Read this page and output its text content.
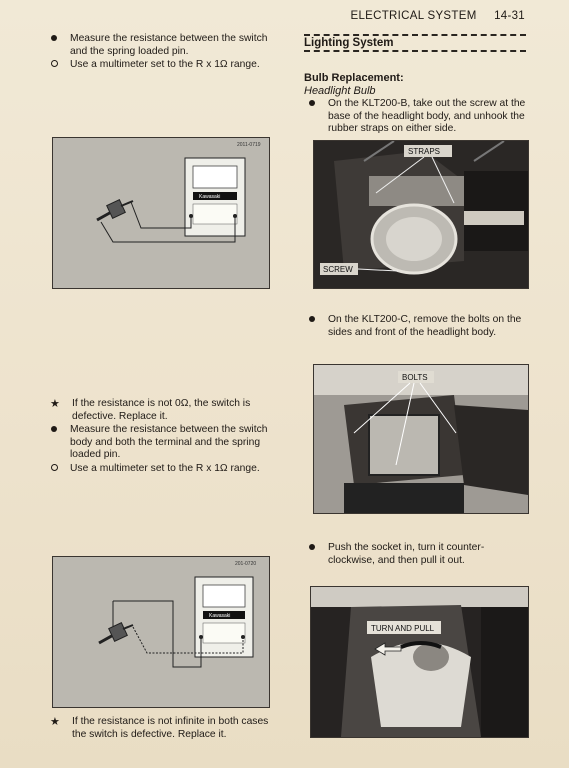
ELECTRICAL SYSTEM 14-31
Measure the resistance between the switch and the spring loaded pin.
Use a multimeter set to the R x 1Ω range.
2011-0719
Kawasaki
★	If the resistance is not 0Ω, the switch is defective. Replace it.
Measure the resistance between the switch body and both the terminal and the spring loaded pin.
Use a multimeter set to the R x 1Ω range.
201-0720
Kawasaki
★	If the resistance is not infinite in both cases the switch is defective. Replace it.
Lighting System
Bulb Replacement:
Headlight Bulb
On the KLT200-B, take out the screw at the base of the headlight body, and unhook the rubber straps on either side.
STRAPS
SCREW
On the KLT200-C, remove the bolts on the sides and front of the headlight body.
BOLTS
Push the socket in, turn it counter-clockwise, and then pull it out.
TURN AND PULL
